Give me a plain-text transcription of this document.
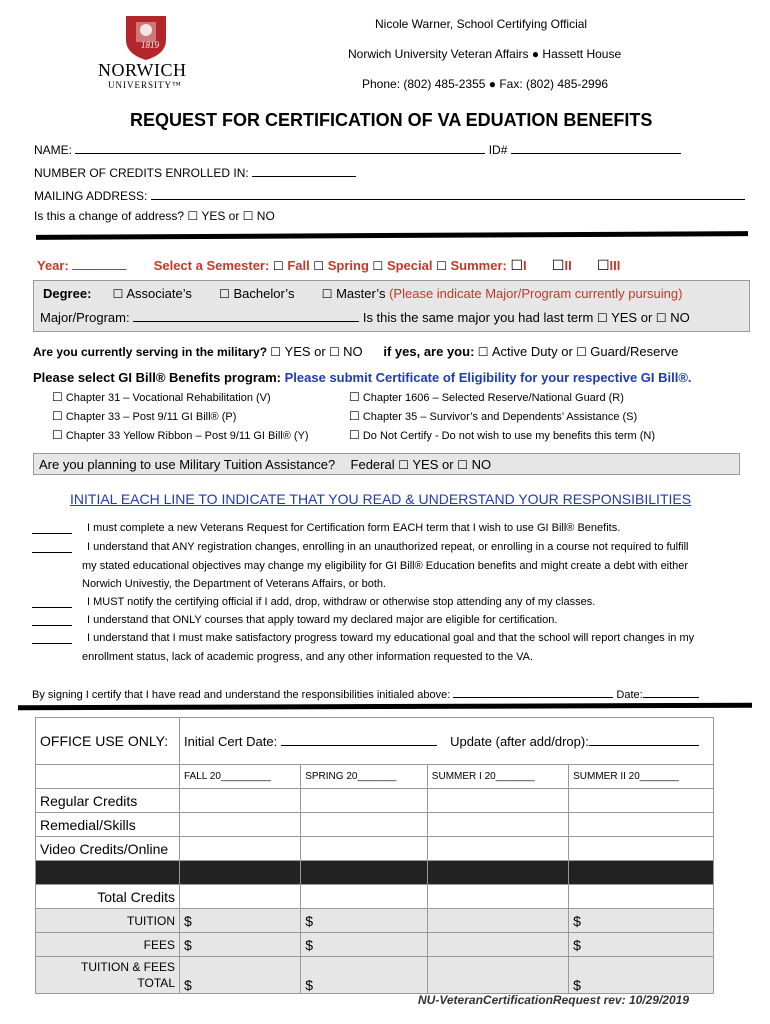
1819
NORWICH
UNIVERSITY™
Nicole Warner, School Certifying Official
Norwich University Veteran Affairs ● Hassett House
Phone: (802) 485-2355 ● Fax: (802) 485-2996
REQUEST FOR CERTIFICATION OF VA EDUATION BENEFITS
NAME:	ID#
NUMBER OF CREDITS ENROLLED IN:
MAILING ADDRESS:
Is this a change of address? ☐ YES or ☐ NO
Year:	Select a Semester: ☐ Fall ☐ Spring ☐ Special ☐ Summer: ☐I ☐II ☐III
Degree: ☐ Associate’s ☐ Bachelor’s ☐ Master’s (Please indicate Major/Program currently pursuing)
Major/Program:	Is this the same major you had last term ☐ YES or ☐ NO
Are you currently serving in the military? ☐ YES or ☐ NO if yes, are you: ☐ Active Duty or ☐ Guard/Reserve
Please select GI Bill® Benefits program: Please submit Certificate of Eligibility for your respective GI Bill®.
☐ Chapter 31 – Vocational Rehabilitation (V)
☐ Chapter 33 – Post 9/11 GI Bill® (P)
☐ Chapter 33 Yellow Ribbon – Post 9/11 GI Bill® (Y)
☐ Chapter 1606 – Selected Reserve/National Guard (R)
☐ Chapter 35 – Survivor’s and Dependents’ Assistance (S)
☐ Do Not Certify - Do not wish to use my benefits this term (N)
Are you planning to use Military Tuition Assistance? Federal ☐ YES or ☐ NO
INITIAL EACH LINE TO INDICATE THAT YOU READ & UNDERSTAND YOUR RESPONSIBILITIES
I must complete a new Veterans Request for Certification form EACH term that I wish to use GI Bill® Benefits.
I understand that ANY registration changes, enrolling in an unauthorized repeat, or enrolling in a course not required to fulfill
my stated educational objectives may change my eligibility for GI Bill® Education benefits and might create a debt with either
Norwich Univestiy, the Department of Veterans Affairs, or both.
I MUST notify the certifying official if I add, drop, withdraw or otherwise stop attending any of my classes.
I understand that ONLY courses that apply toward my declared major are eligible for certification.
I understand that I must make satisfactory progress toward my educational goal and that the school will report changes in my
enrollment status, lack of academic progress, and any other information requested to the VA.
By signing I certify that I have read and understand the responsibilities initialed above:	Date:
OFFICE USE ONLY:	Initial Cert Date: Update (after add/drop):			
	FALL 20_________	SPRING 20_______	SUMMER I 20_______	SUMMER II 20_______
Regular Credits				
Remedial/Skills				
Video Credits/Online				

Total Credits				
TUITION	$	$		$
FEES	$	$		$
TUITION & FEES
TOTAL	$	$		$
NU-VeteranCertificationRequest rev: 10/29/2019
